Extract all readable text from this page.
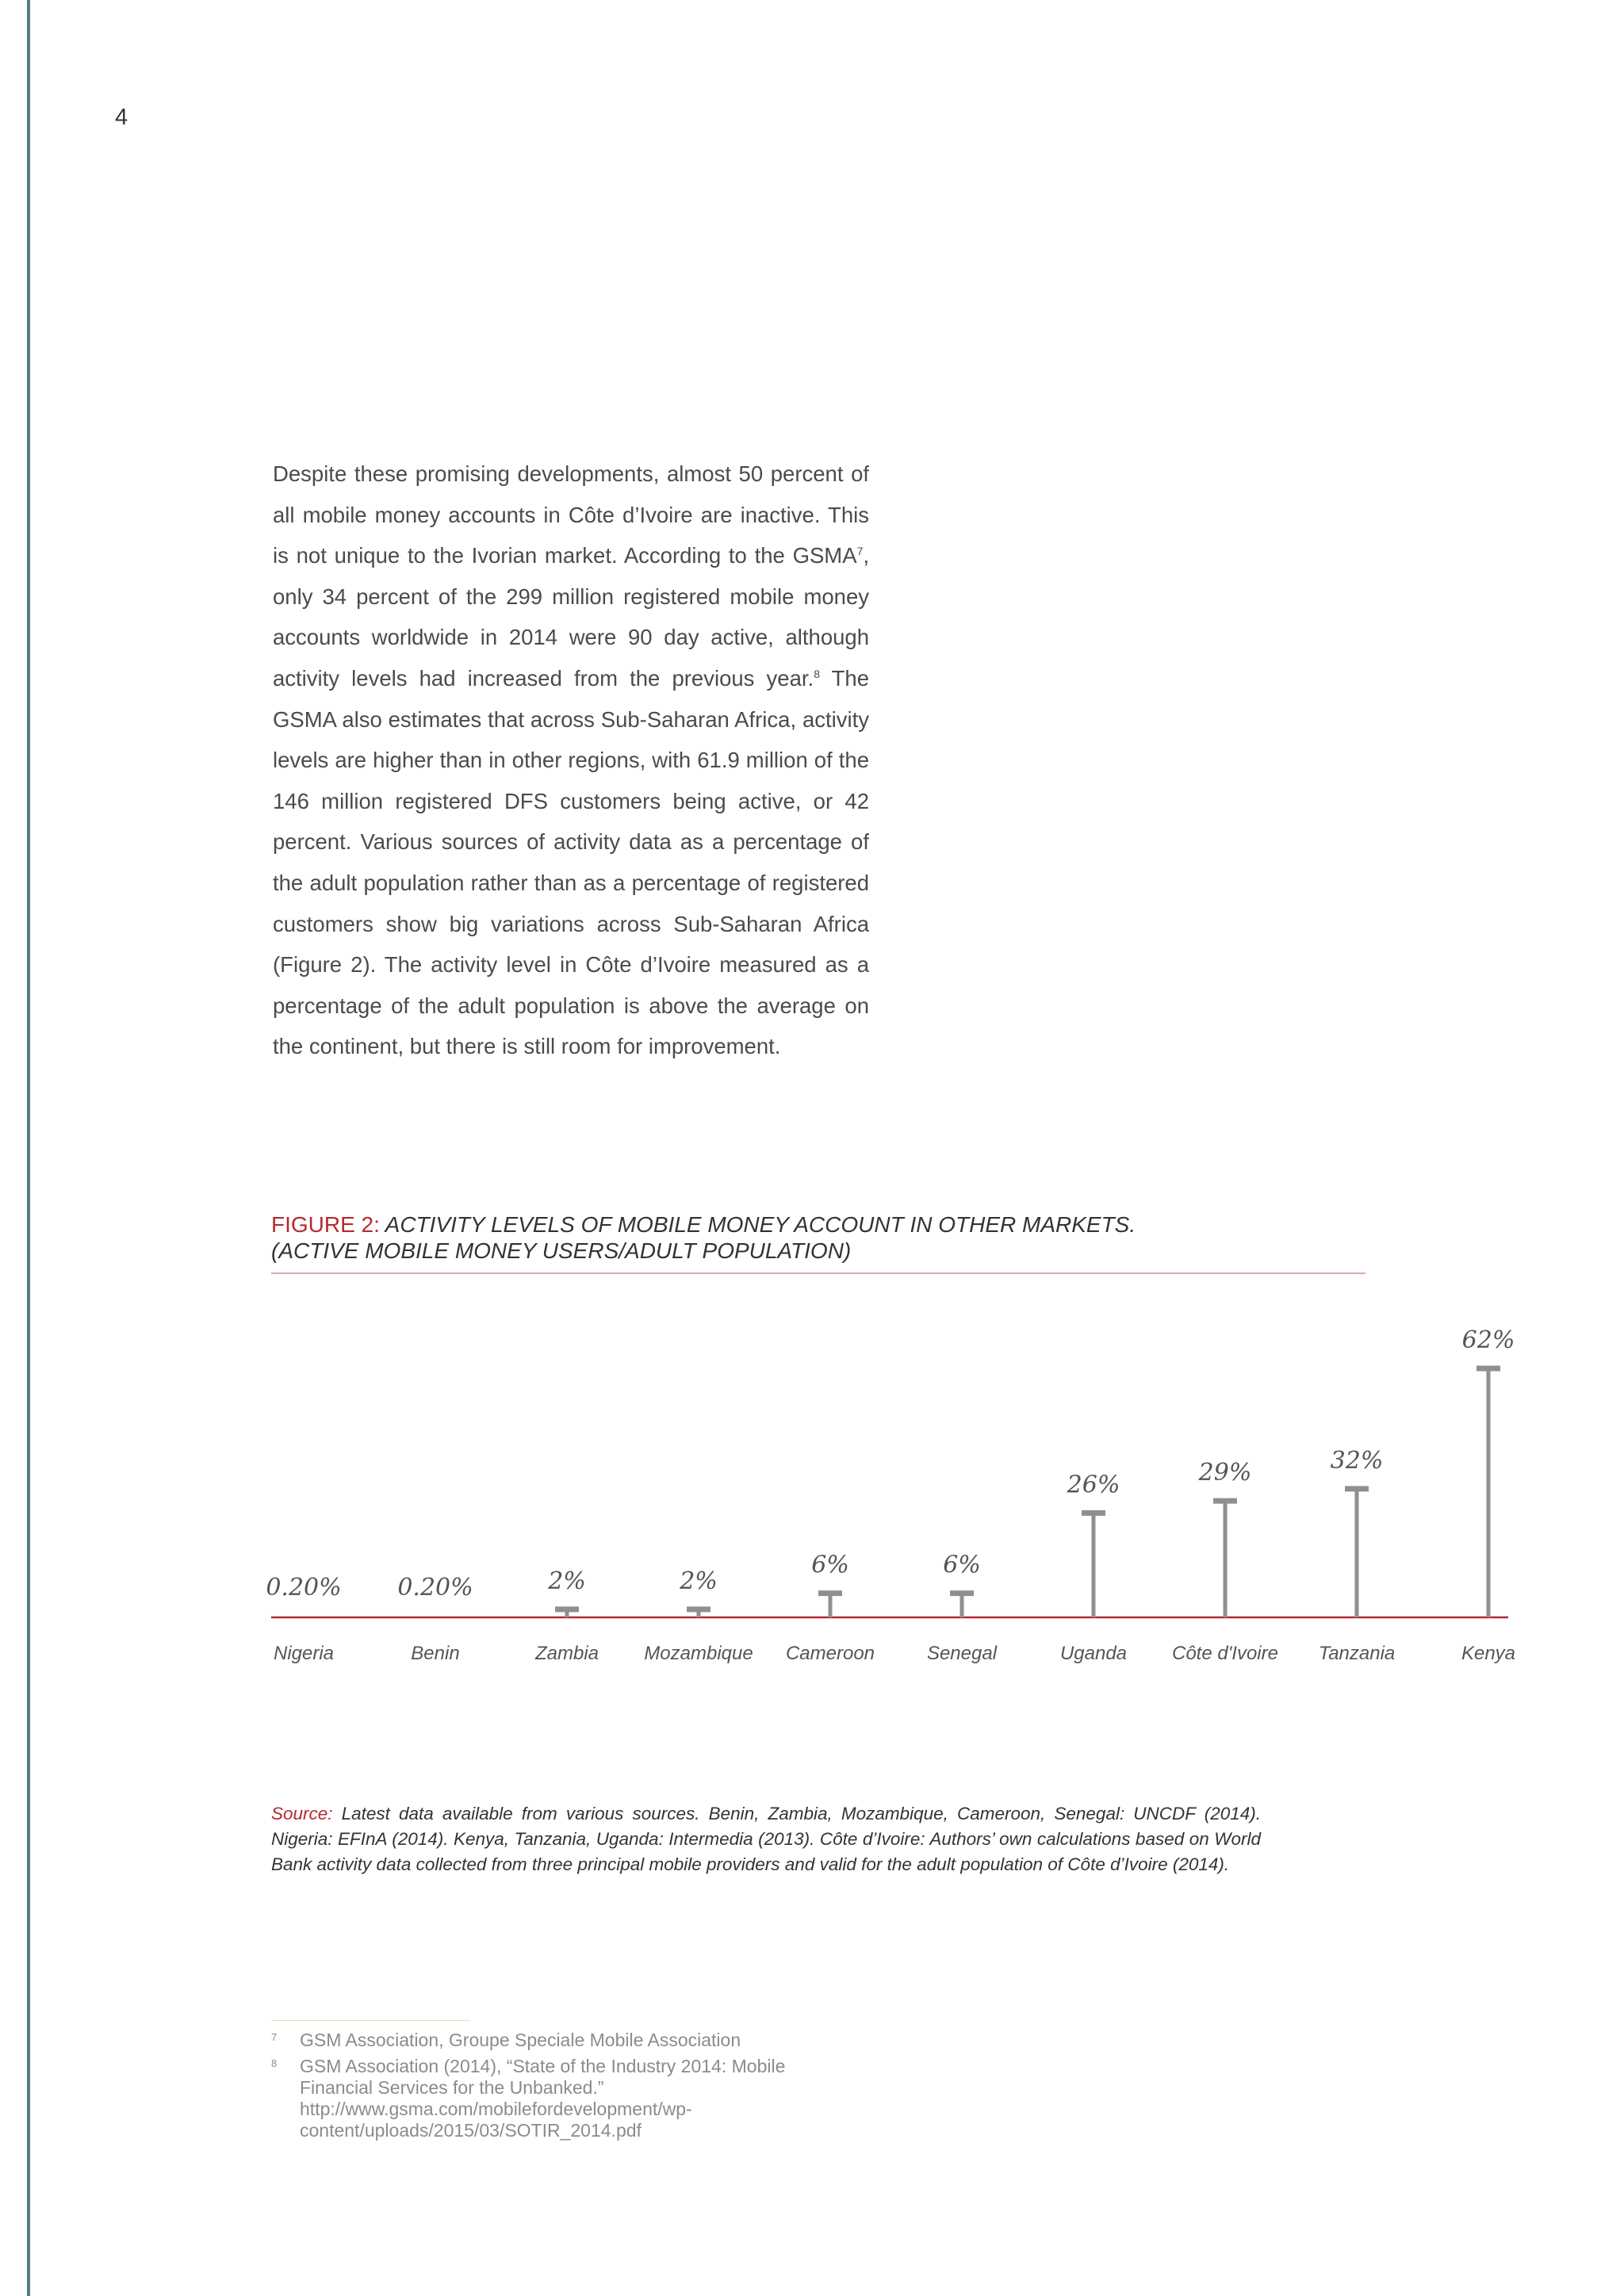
4
Despite these promising developments, almost 50 percent of all mobile money accounts in Côte d’Ivoire are inactive. This is not unique to the Ivorian market. According to the GSMA$^7$, only 34 percent of the 299 million registered mobile money accounts worldwide in 2014 were 90 day active, although activity levels had increased from the previous year.$^8$ The GSMA also estimates that across Sub-Saharan Africa, activity levels are higher than in other regions, with 61.9 million of the 146 million registered DFS customers being active, or 42 percent. Various sources of activity data as a percentage of the adult population rather than as a percentage of registered customers show big variations across Sub-Saharan Africa (Figure 2). The activity level in Côte d’Ivoire measured as a percentage of the adult population is above the average on the continent, but there is still room for improvement.
FIGURE 2: ACTIVITY LEVELS OF MOBILE MONEY ACCOUNT IN OTHER MARKETS.
(ACTIVE MOBILE MONEY USERS/ADULT POPULATION)
0.20%
Nigeria
0.20%
Benin
2%
Zambia
2%
Mozambique
6%
Cameroon
6%
Senegal
26%
Uganda
29%
Côte d'Ivoire
32%
Tanzania
62%
Kenya
Source: Latest data available from various sources. Benin, Zambia, Mozambique, Cameroon, Senegal: UNCDF (2014). Nigeria: EFInA (2014). Kenya, Tanzania, Uganda: Intermedia (2013). Côte d’Ivoire: Authors’ own calculations based on World Bank activity data collected from three principal mobile providers and valid for the adult population of Côte d’Ivoire (2014).
7	GSM Association, Groupe Speciale Mobile Association
8	GSM Association (2014), “State of the Industry 2014: Mobile Financial Services for the Unbanked.” http://www.gsma.com/mobilefordevelopment/wp-content/uploads/2015/03/SOTIR_2014.pdf
